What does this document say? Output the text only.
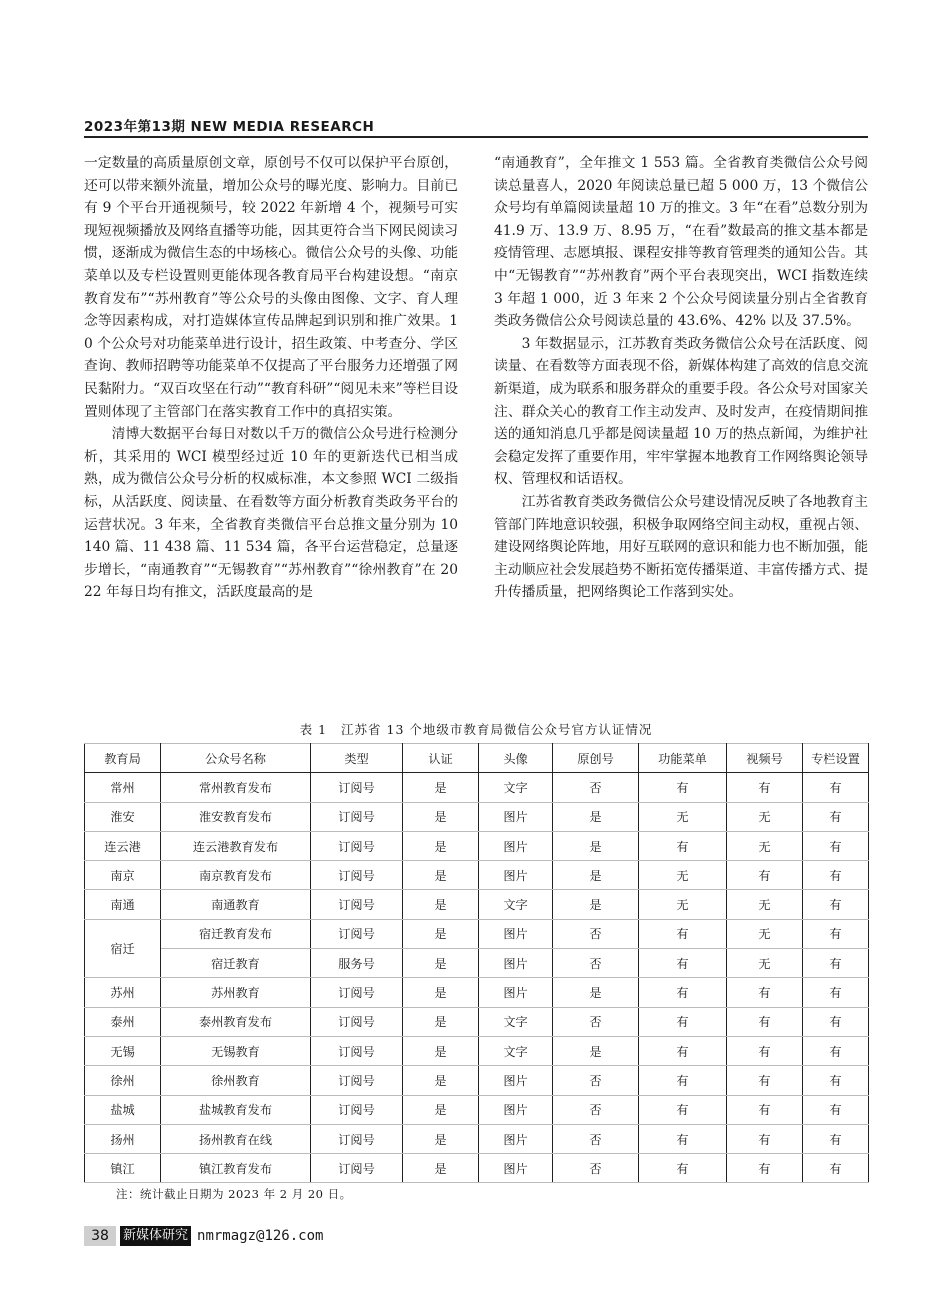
2023年第13期 NEW MEDIA RESEARCH

一定数量的高质量原创文章，原创号不仅可以保护平台原创，还可以带来额外流量，增加公众号的曝光度、影响力。目前已有 9 个平台开通视频号，较 2022 年新增 4 个，视频号可实现短视频播放及网络直播等功能，因其更符合当下网民阅读习惯，逐渐成为微信生态的中场核心。微信公众号的头像、功能菜单以及专栏设置则更能体现各教育局平台构建设想。“南京教育发布”“苏州教育”等公众号的头像由图像、文字、育人理念等因素构成，对打造媒体宣传品牌起到识别和推广效果。10 个公众号对功能菜单进行设计，招生政策、中考查分、学区查询、教师招聘等功能菜单不仅提高了平台服务力还增强了网民黏附力。“双百攻坚在行动”“教育科研”“阅见未来”等栏目设置则体现了主管部门在落实教育工作中的真招实策。

清博大数据平台每日对数以千万的微信公众号进行检测分析，其采用的 WCI 模型经过近 10 年的更新迭代已相当成熟，成为微信公众号分析的权威标准，本文参照 WCI 二级指标，从活跃度、阅读量、在看数等方面分析教育类政务平台的运营状况。3 年来，全省教育类微信平台总推文量分别为 10 140 篇、11 438 篇、11 534 篇，各平台运营稳定，总量逐步增长，“南通教育”“无锡教育”“苏州教育”“徐州教育”在 2022 年每日均有推文，活跃度最高的是

“南通教育”，全年推文 1 553 篇。全省教育类微信公众号阅读总量喜人，2020 年阅读总量已超 5 000 万，13 个微信公众号均有单篇阅读量超 10 万的推文。3 年“在看”总数分别为 41.9 万、13.9 万、8.95 万，“在看”数最高的推文基本都是疫情管理、志愿填报、课程安排等教育管理类的通知公告。其中“无锡教育”“苏州教育”两个平台表现突出，WCI 指数连续 3 年超 1 000，近 3 年来 2 个公众号阅读量分别占全省教育类政务微信公众号阅读总量的 43.6%、42% 以及 37.5%。

3 年数据显示，江苏教育类政务微信公众号在活跃度、阅读量、在看数等方面表现不俗，新媒体构建了高效的信息交流新渠道，成为联系和服务群众的重要手段。各公众号对国家关注、群众关心的教育工作主动发声、及时发声，在疫情期间推送的通知消息几乎都是阅读量超 10 万的热点新闻，为维护社会稳定发挥了重要作用，牢牢掌握本地教育工作网络舆论领导权、管理权和话语权。

江苏省教育类政务微信公众号建设情况反映了各地教育主管部门阵地意识较强，积极争取网络空间主动权，重视占领、建设网络舆论阵地，用好互联网的意识和能力也不断加强，能主动顺应社会发展趋势不断拓宽传播渠道、丰富传播方式、提升传播质量，把网络舆论工作落到实处。

表 1 江苏省 13 个地级市教育局微信公众号官方认证情况
教育局	公众号名称	类型	认证	头像	原创号	功能菜单	视频号	专栏设置
常州	常州教育发布	订阅号	是	文字	否	有	有	有
淮安	淮安教育发布	订阅号	是	图片	是	无	无	有
连云港	连云港教育发布	订阅号	是	图片	是	有	无	有
南京	南京教育发布	订阅号	是	图片	是	无	有	有
南通	南通教育	订阅号	是	文字	是	无	无	有
宿迁	宿迁教育发布	订阅号	是	图片	否	有	无	有
	宿迁教育	服务号	是	图片	否	有	无	有
苏州	苏州教育	订阅号	是	图片	是	有	有	有
泰州	泰州教育发布	订阅号	是	文字	否	有	有	有
无锡	无锡教育	订阅号	是	文字	是	有	有	有
徐州	徐州教育	订阅号	是	图片	否	有	有	有
盐城	盐城教育发布	订阅号	是	图片	否	有	有	有
扬州	扬州教育在线	订阅号	是	图片	否	有	有	有
镇江	镇江教育发布	订阅号	是	图片	否	有	有	有
注：统计截止日期为 2023 年 2 月 20 日。
38	新媒体研究 nmrmagz@126.com
